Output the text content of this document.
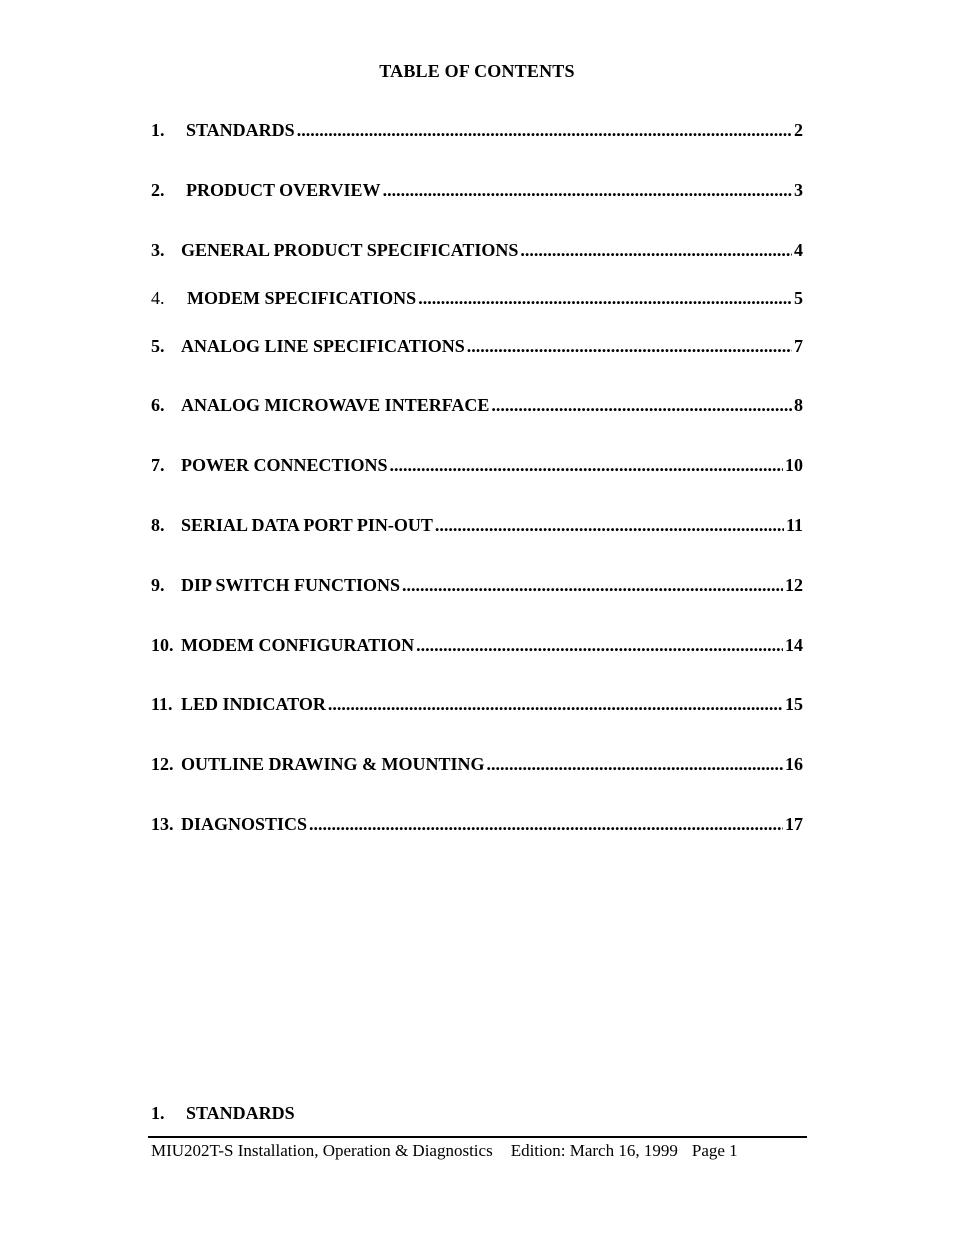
TABLE OF CONTENTS
1.	STANDARDS .....	2
2.	PRODUCT OVERVIEW .....	3
3. GENERAL PRODUCT SPECIFICATIONS .....	4
4.	MODEM SPECIFICATIONS .....	5
5. ANALOG LINE SPECIFICATIONS .....	7
6. ANALOG MICROWAVE INTERFACE .....	8
7. POWER CONNECTIONS .....	10
8. SERIAL DATA PORT PIN-OUT .....	11
9. DIP SWITCH FUNCTIONS .....	12
10. MODEM CONFIGURATION .....	14
11. LED INDICATOR .....	15
12. OUTLINE DRAWING & MOUNTING .....	16
13. DIAGNOSTICS .....	17
1. STANDARDS
MIU202T-S Installation, Operation & Diagnostics Edition: March 16, 1999 Page 1
